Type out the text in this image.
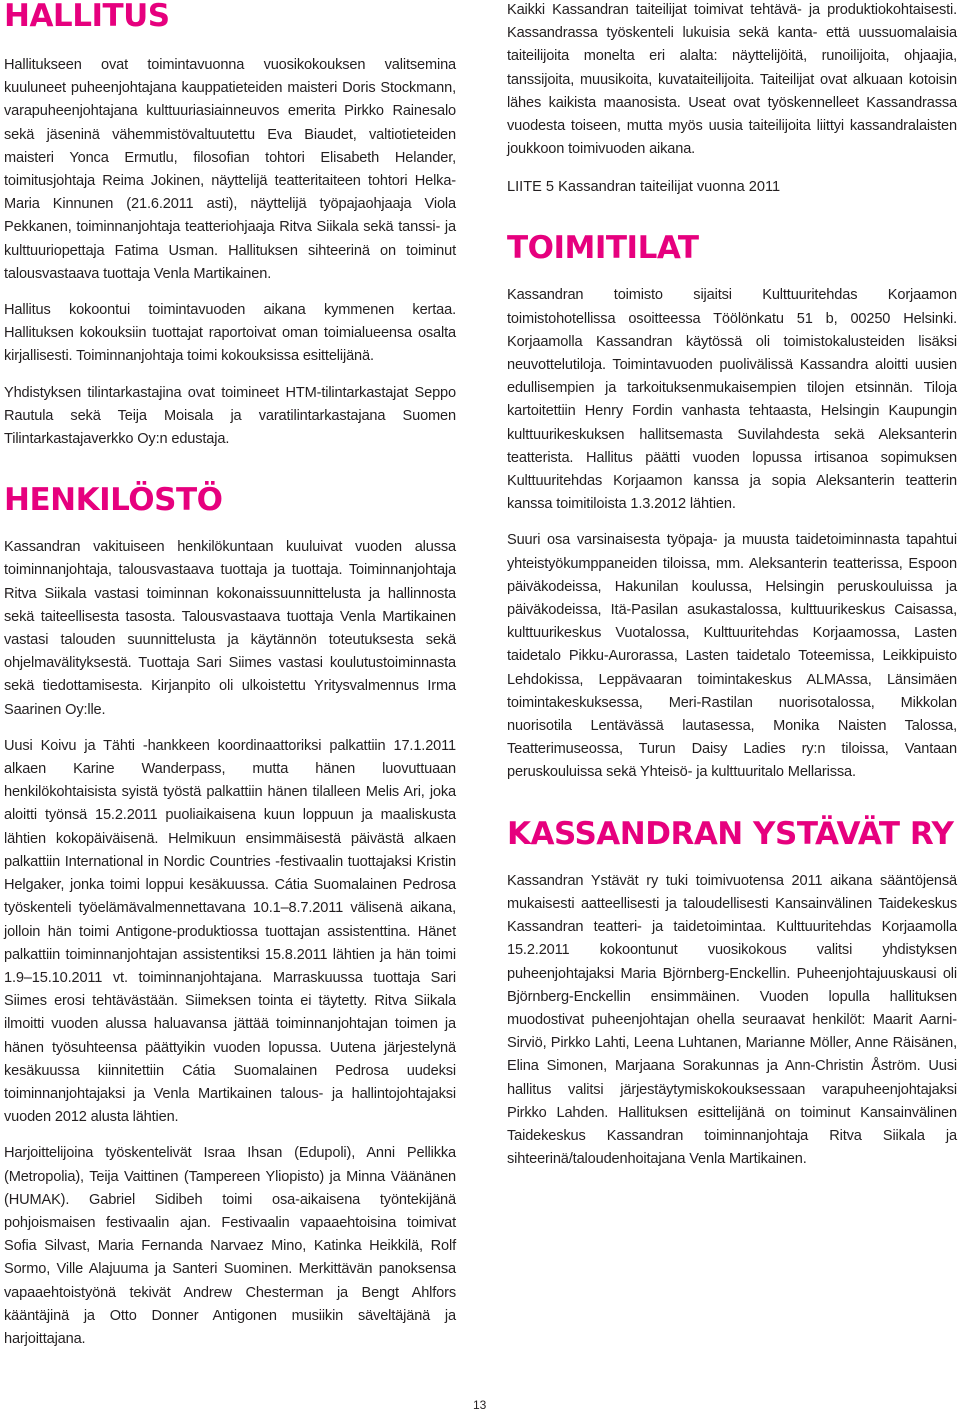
HALLITUS

Hallitukseen ovat toimintavuonna vuosikokouksen valitsemina kuuluneet puheenjohtajana kauppatieteiden maisteri Doris Stockmann, varapuheenjohtajana kulttuuriasiainneuvos emerita Pirkko Rainesalo sekä jäseninä vähemmistövaltuutettu Eva Biaudet, valtiotieteiden maisteri Yonca Ermutlu, filosofian tohtori Elisabeth Helander, toimitusjohtaja Reima Jokinen, näyttelijä teatteritaiteen tohtori Helka-Maria Kinnunen (21.6.2011 asti), näyttelijä työpajaohjaaja Viola Pekkanen, toiminnanjohtaja teatteriohjaaja Ritva Siikala sekä tanssi- ja kulttuuriopettaja Fatima Usman. Hallituksen sihteerinä on toiminut talousvastaava tuottaja Venla Martikainen.

Hallitus kokoontui toimintavuoden aikana kymmenen kertaa. Hallituksen kokouksiin tuottajat raportoivat oman toimialueensa osalta kirjallisesti. Toiminnanjohtaja toimi kokouksissa esittelijänä.

Yhdistyksen tilintarkastajina ovat toimineet HTM-tilintarkastajat Seppo Rautula sekä Teija Moisala ja varatilintarkastajana Suomen Tilintarkastajaverkko Oy:n edustaja.

HENKILÖSTÖ

Kassandran vakituiseen henkilökuntaan kuuluivat vuoden alussa toiminnanjohtaja, talousvastaava tuottaja ja tuottaja. Toiminnanjohtaja Ritva Siikala vastasi toiminnan kokonaissuunnittelusta ja hallinnosta sekä taiteellisesta tasosta. Talousvastaava tuottaja Venla Martikainen vastasi talouden suunnittelusta ja käytännön toteutuksesta sekä ohjelmavälityksestä. Tuottaja Sari Siimes vastasi koulutustoiminnasta sekä tiedottamisesta. Kirjanpito oli ulkoistettu Yritysvalmennus Irma Saarinen Oy:lle.

Uusi Koivu ja Tähti -hankkeen koordinaattoriksi palkattiin 17.1.2011 alkaen Karine Wanderpass, mutta hänen luovuttuaan henkilökohtaisista syistä työstä palkattiin hänen tilalleen Melis Ari, joka aloitti työnsä 15.2.2011 puoliaikaisena kuun loppuun ja maaliskusta lähtien kokopäiväisenä. Helmikuun ensimmäisestä päivästä alkaen palkattiin International in Nordic Countries -festivaalin tuottajaksi Kristin Helgaker, jonka toimi loppui kesäkuussa. Cátia Suomalainen Pedrosa työskenteli työelämävalmennettavana 10.1–8.7.2011 välisenä aikana, jolloin hän toimi Antigone-produktiossa tuottajan assistenttina. Hänet palkattiin toiminnanjohtajan assistentiksi 15.8.2011 lähtien ja hän toimi 1.9–15.10.2011 vt. toiminnanjohtajana. Marraskuussa tuottaja Sari Siimes erosi tehtävästään. Siimeksen tointa ei täytetty. Ritva Siikala ilmoitti vuoden alussa haluavansa jättää toiminnanjohtajan toimen ja hänen työsuhteensa päättyikin vuoden lopussa. Uutena järjestelynä kesäkuussa kiinnitettiin Cátia Suomalainen Pedrosa uudeksi toiminnanjohtajaksi ja Venla Martikainen talous- ja hallintojohtajaksi vuoden 2012 alusta lähtien.

Harjoittelijoina työskentelivät Israa Ihsan (Edupoli), Anni Pellikka (Metropolia), Teija Vaittinen (Tampereen Yliopisto) ja Minna Väänänen (HUMAK). Gabriel Sidibeh toimi osa-aikaisena työntekijänä pohjoismaisen festivaalin ajan. Festivaalin vapaaehtoisina toimivat Sofia Silvast, Maria Fernanda Narvaez Mino, Katinka Heikkilä, Rolf Sormo, Ville Alajuuma ja Santeri Suominen. Merkittävän panoksensa vapaaehtoistyönä tekivät Andrew Chesterman ja Bengt Ahlfors kääntäjinä ja Otto Donner Antigonen musiikin säveltäjänä ja harjoittajana.

Kaikki Kassandran taiteilijat toimivat tehtävä- ja produktiokohtaisesti. Kassandrassa työskenteli lukuisia sekä kanta- että uussuomalaisia taiteilijoita monelta eri alalta: näyttelijöitä, runoilijoita, ohjaajia, tanssijoita, muusikoita, kuvataiteilijoita. Taiteilijat ovat alkuaan kotoisin lähes kaikista maanosista. Useat ovat työskennelleet Kassandrassa vuodesta toiseen, mutta myös uusia taiteilijoita liittyi kassandralaisten joukkoon toimivuoden aikana.

LIITE 5 Kassandran taiteilijat vuonna 2011

TOIMITILAT

Kassandran toimisto sijaitsi Kulttuuritehdas Korjaamon toimistohotellissa osoitteessa Töölönkatu 51 b, 00250 Helsinki. Korjaamolla Kassandran käytössä oli toimistokalusteiden lisäksi neuvottelutiloja. Toimintavuoden puolivälissä Kassandra aloitti uusien edullisempien ja tarkoituksenmukaisempien tilojen etsinnän. Tiloja kartoitettiin Henry Fordin vanhasta tehtaasta, Helsingin Kaupungin kulttuurikeskuksen hallitsemasta Suvilahdesta sekä Aleksanterin teatterista. Hallitus päätti vuoden lopussa irtisanoa sopimuksen Kulttuuritehdas Korjaamon kanssa ja sopia Aleksanterin teatterin kanssa toimitiloista 1.3.2012 lähtien.

Suuri osa varsinaisesta työpaja- ja muusta taidetoiminnasta tapahtui yhteistyökumppaneiden tiloissa, mm. Aleksanterin teatterissa, Espoon päiväkodeissa, Hakunilan koulussa, Helsingin peruskouluissa ja päiväkodeissa, Itä-Pasilan asukastalossa, kulttuurikeskus Caisassa, kulttuurikeskus Vuotalossa, Kulttuuritehdas Korjaamossa, Lasten taidetalo Pikku-Aurorassa, Lasten taidetalo Toteemissa, Leikkipuisto Lehdokissa, Leppävaaran toimintakeskus ALMAssa, Länsimäen toimintakeskuksessa, Meri-Rastilan nuorisotalossa, Mikkolan nuorisotila Lentävässä lautasessa, Monika Naisten Talossa, Teatterimuseossa, Turun Daisy Ladies ry:n tiloissa, Vantaan peruskouluissa sekä Yhteisö- ja kulttuuritalo Mellarissa.

KASSANDRAN YSTÄVÄT RY

Kassandran Ystävät ry tuki toimivuotensa 2011 aikana sääntöjensä mukaisesti aatteellisesti ja taloudellisesti Kansainvälinen Taidekeskus Kassandran teatteri- ja taidetoimintaa. Kulttuuritehdas Korjaamolla 15.2.2011 kokoontunut vuosikokous valitsi yhdistyksen puheenjohtajaksi Maria Björnberg-Enckellin. Puheenjohtajuuskausi oli Björnberg-Enckellin ensimmäinen. Vuoden lopulla hallituksen muodostivat puheenjohtajan ohella seuraavat henkilöt: Maarit Aarni-Sirviö, Pirkko Lahti, Leena Luhtanen, Marianne Möller, Anne Räisänen, Elina Simonen, Marjaana Sorakunnas ja Ann-Christin Åström. Uusi hallitus valitsi järjestäytymiskokouksessaan varapuheenjohtajaksi Pirkko Lahden. Hallituksen esittelijänä on toiminut Kansainvälinen Taidekeskus Kassandran toiminnanjohtaja Ritva Siikala ja sihteerinä/taloudenhoitajana Venla Martikainen.

13
